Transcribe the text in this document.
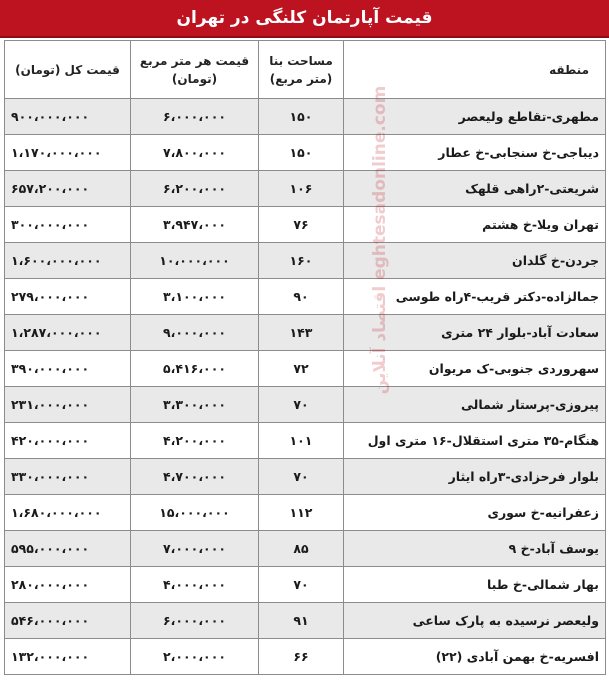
قیمت آپارتمان کلنگی در تهران
منطقه	مساحت بنا (متر مربع)	قیمت هر متر مربع (تومان)	قیمت کل (تومان)
مطهری-تقاطع ولیعصر	۱۵۰	۶،۰۰۰،۰۰۰	۹۰۰،۰۰۰،۰۰۰
دیباجی-خ سنجابی-خ عطار	۱۵۰	۷،۸۰۰،۰۰۰	۱،۱۷۰،۰۰۰،۰۰۰
شریعتی-۲راهی قلهک	۱۰۶	۶،۲۰۰،۰۰۰	۶۵۷،۲۰۰،۰۰۰
تهران ویلا-خ هشتم	۷۶	۳،۹۴۷،۰۰۰	۳۰۰،۰۰۰،۰۰۰
جردن-خ گلدان	۱۶۰	۱۰،۰۰۰،۰۰۰	۱،۶۰۰،۰۰۰،۰۰۰
جمالزاده-دکتر قریب-۴راه طوسی	۹۰	۳،۱۰۰،۰۰۰	۲۷۹،۰۰۰،۰۰۰
سعادت آباد-بلوار ۲۴ متری	۱۴۳	۹،۰۰۰،۰۰۰	۱،۲۸۷،۰۰۰،۰۰۰
سهروردی جنوبی-ک مریوان	۷۲	۵،۴۱۶،۰۰۰	۳۹۰،۰۰۰،۰۰۰
پیروزی-پرستار شمالی	۷۰	۳،۳۰۰،۰۰۰	۲۳۱،۰۰۰،۰۰۰
هنگام-۳۵ متری استقلال-۱۶ متری اول	۱۰۱	۴،۲۰۰،۰۰۰	۴۲۰،۰۰۰،۰۰۰
بلوار فرحزادی-۳راه ایثار	۷۰	۴،۷۰۰،۰۰۰	۳۳۰،۰۰۰،۰۰۰
زعفرانیه-خ سوری	۱۱۲	۱۵،۰۰۰،۰۰۰	۱،۶۸۰،۰۰۰،۰۰۰
یوسف آباد-خ ۹	۸۵	۷،۰۰۰،۰۰۰	۵۹۵،۰۰۰،۰۰۰
بهار شمالی-خ طبا	۷۰	۴،۰۰۰،۰۰۰	۲۸۰،۰۰۰،۰۰۰
ولیعصر نرسیده به پارک ساعی	۹۱	۶،۰۰۰،۰۰۰	۵۴۶،۰۰۰،۰۰۰
افسریه-خ بهمن آبادی (۲۲)	۶۶	۲،۰۰۰،۰۰۰	۱۳۲،۰۰۰،۰۰۰
اقتصاد آنلاین eghtesadonline.com
